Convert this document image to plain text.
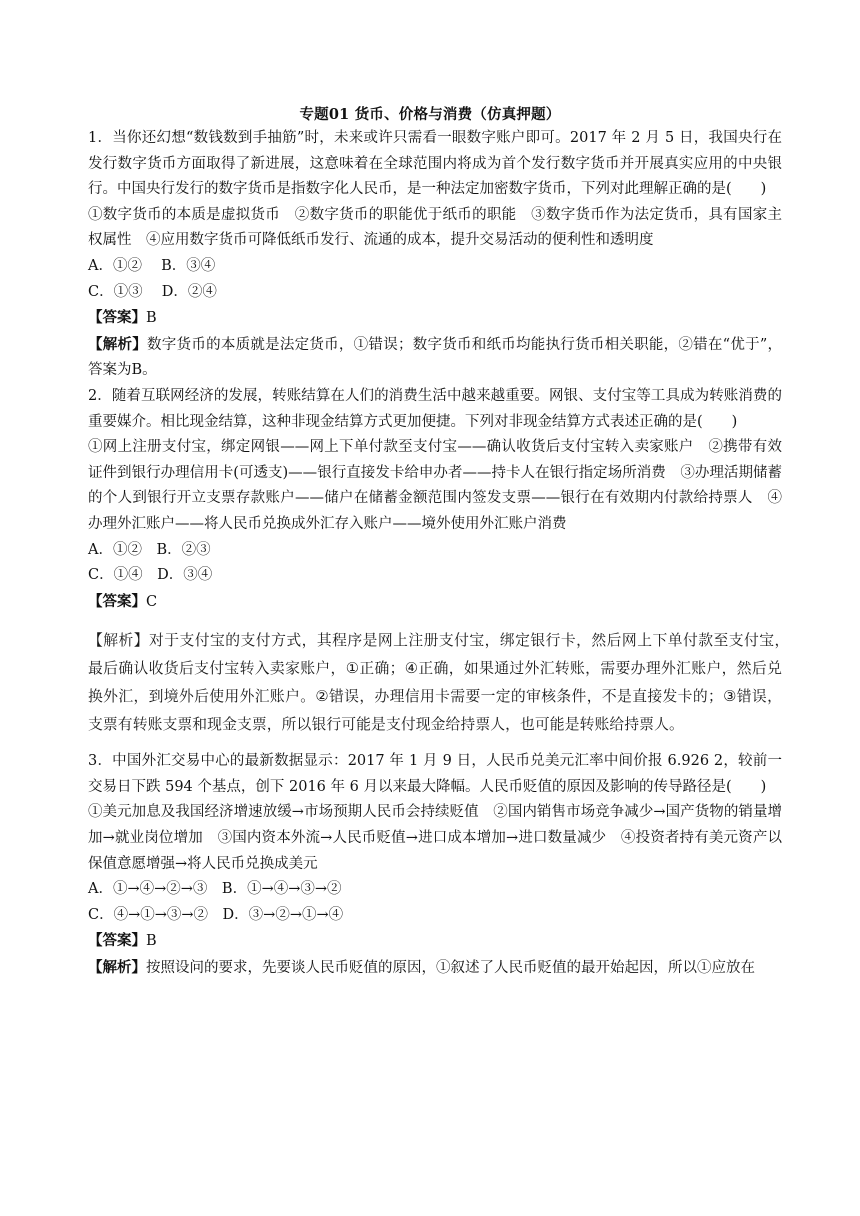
专题01 货币、价格与消费（仿真押题）

1．当你还幻想“数钱数到手抽筋”时，未来或许只需看一眼数字账户即可。2017 年 2 月 5 日，我国央行在发行数字货币方面取得了新进展，这意味着在全球范围内将成为首个发行数字货币并开展真实应用的中央银行。中国央行发行的数字货币是指数字化人民币，是一种法定加密数字货币，下列对此理解正确的是(　　)

①数字货币的本质是虚拟货币　②数字货币的职能优于纸币的职能　③数字货币作为法定货币，具有国家主权属性　④应用数字货币可降低纸币发行、流通的成本，提升交易活动的便利性和透明度

A．①②　 B．③④

C．①③　 D．②④

【答案】B

【解析】数字货币的本质就是法定货币，①错误；数字货币和纸币均能执行货币相关职能，②错在“优于”，答案为B。

2．随着互联网经济的发展，转账结算在人们的消费生活中越来越重要。网银、支付宝等工具成为转账消费的重要媒介。相比现金结算，这种非现金结算方式更加便捷。下列对非现金结算方式表述正确的是(　　)

①网上注册支付宝，绑定网银——网上下单付款至支付宝——确认收货后支付宝转入卖家账户　②携带有效证件到银行办理信用卡(可透支)——银行直接发卡给申办者——持卡人在银行指定场所消费　③办理活期储蓄的个人到银行开立支票存款账户——储户在储蓄金额范围内签发支票——银行在有效期内付款给持票人　④办理外汇账户——将人民币兑换成外汇存入账户——境外使用外汇账户消费

A．①②　B．②③

C．①④　D．③④

【答案】C

【解析】对于支付宝的支付方式，其程序是网上注册支付宝，绑定银行卡，然后网上下单付款至支付宝，　最后确认收货后支付宝转入卖家账户，①正确；④正确，如果通过外汇转账，需要办理外汇账户，然后兑换外汇，到境外后使用外汇账户。②错误，办理信用卡需要一定的审核条件，不是直接发卡的；③错误，支票有转账支票和现金支票，所以银行可能是支付现金给持票人，也可能是转账给持票人。

3．中国外汇交易中心的最新数据显示：2017 年 1 月 9 日，人民币兑美元汇率中间价报 6.926 2，较前一交易日下跌 594 个基点，创下 2016 年 6 月以来最大降幅。人民币贬值的原因及影响的传导路径是(　　)

①美元加息及我国经济增速放缓→市场预期人民币会持续贬值　②国内销售市场竞争减少→国产货物的销量增加→就业岗位增加　③国内资本外流→人民币贬值→进口成本增加→进口数量减少　④投资者持有美元资产以保值意愿增强→将人民币兑换成美元

A．①→④→②→③　B．①→④→③→②

C．④→①→③→②　D．③→②→①→④

【答案】B

【解析】按照设问的要求，先要谈人民币贬值的原因，①叙述了人民币贬值的最开始起因，所以①应放在
